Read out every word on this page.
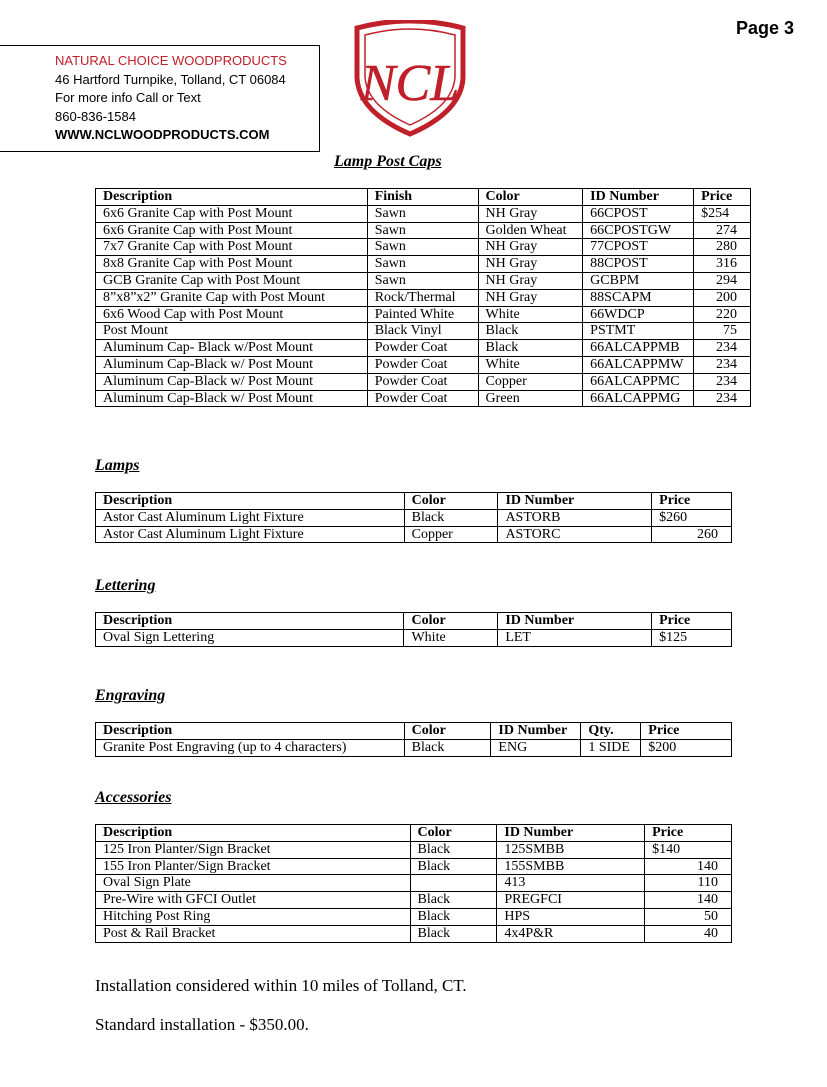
Page 3
NATURAL CHOICE WOODPRODUCTS
46 Hartford Turnpike, Tolland, CT 06084
For more info Call or Text
860-836-1584
WWW.NCLWOODPRODUCTS.COM
NCL
Lamp Post Caps
Description	Finish	Color	ID Number	Price
6x6 Granite Cap with Post Mount	Sawn	NH Gray	66CPOST	$254
6x6 Granite Cap with Post Mount	Sawn	Golden Wheat	66CPOSTGW	274
7x7 Granite Cap with Post Mount	Sawn	NH Gray	77CPOST	280
8x8 Granite Cap with Post Mount	Sawn	NH Gray	88CPOST	316
GCB Granite Cap with Post Mount	Sawn	NH Gray	GCBPM	294
8”x8”x2” Granite Cap with Post Mount	Rock/Thermal	NH Gray	88SCAPM	200
6x6 Wood Cap with Post Mount	Painted White	White	66WDCP	220
Post Mount	Black Vinyl	Black	PSTMT	75
Aluminum Cap- Black w/Post Mount	Powder Coat	Black	66ALCAPPMB	234
Aluminum Cap-Black w/ Post Mount	Powder Coat	White	66ALCAPPMW	234
Aluminum Cap-Black w/ Post Mount	Powder Coat	Copper	66ALCAPPMC	234
Aluminum Cap-Black w/ Post Mount	Powder Coat	Green	66ALCAPPMG	234
Lamps
Description	Color	ID Number	Price
Astor Cast Aluminum Light Fixture	Black	ASTORB	$260
Astor Cast Aluminum Light Fixture	Copper	ASTORC	260
Lettering
Description	Color	ID Number	Price
Oval Sign Lettering	White	LET	$125
Engraving
Description	Color	ID Number	Qty.	Price
Granite Post Engraving (up to 4 characters)	Black	ENG	1 SIDE	$200
Accessories
Description	Color	ID Number	Price
125 Iron Planter/Sign Bracket	Black	125SMBB	$140
155 Iron Planter/Sign Bracket	Black	155SMBB	140
Oval Sign Plate		413	110
Pre-Wire with GFCI Outlet	Black	PREGFCI	140
Hitching Post Ring	Black	HPS	50
Post & Rail Bracket	Black	4x4P&R	40
Installation considered within 10 miles of Tolland, CT.
Standard installation - $350.00.
